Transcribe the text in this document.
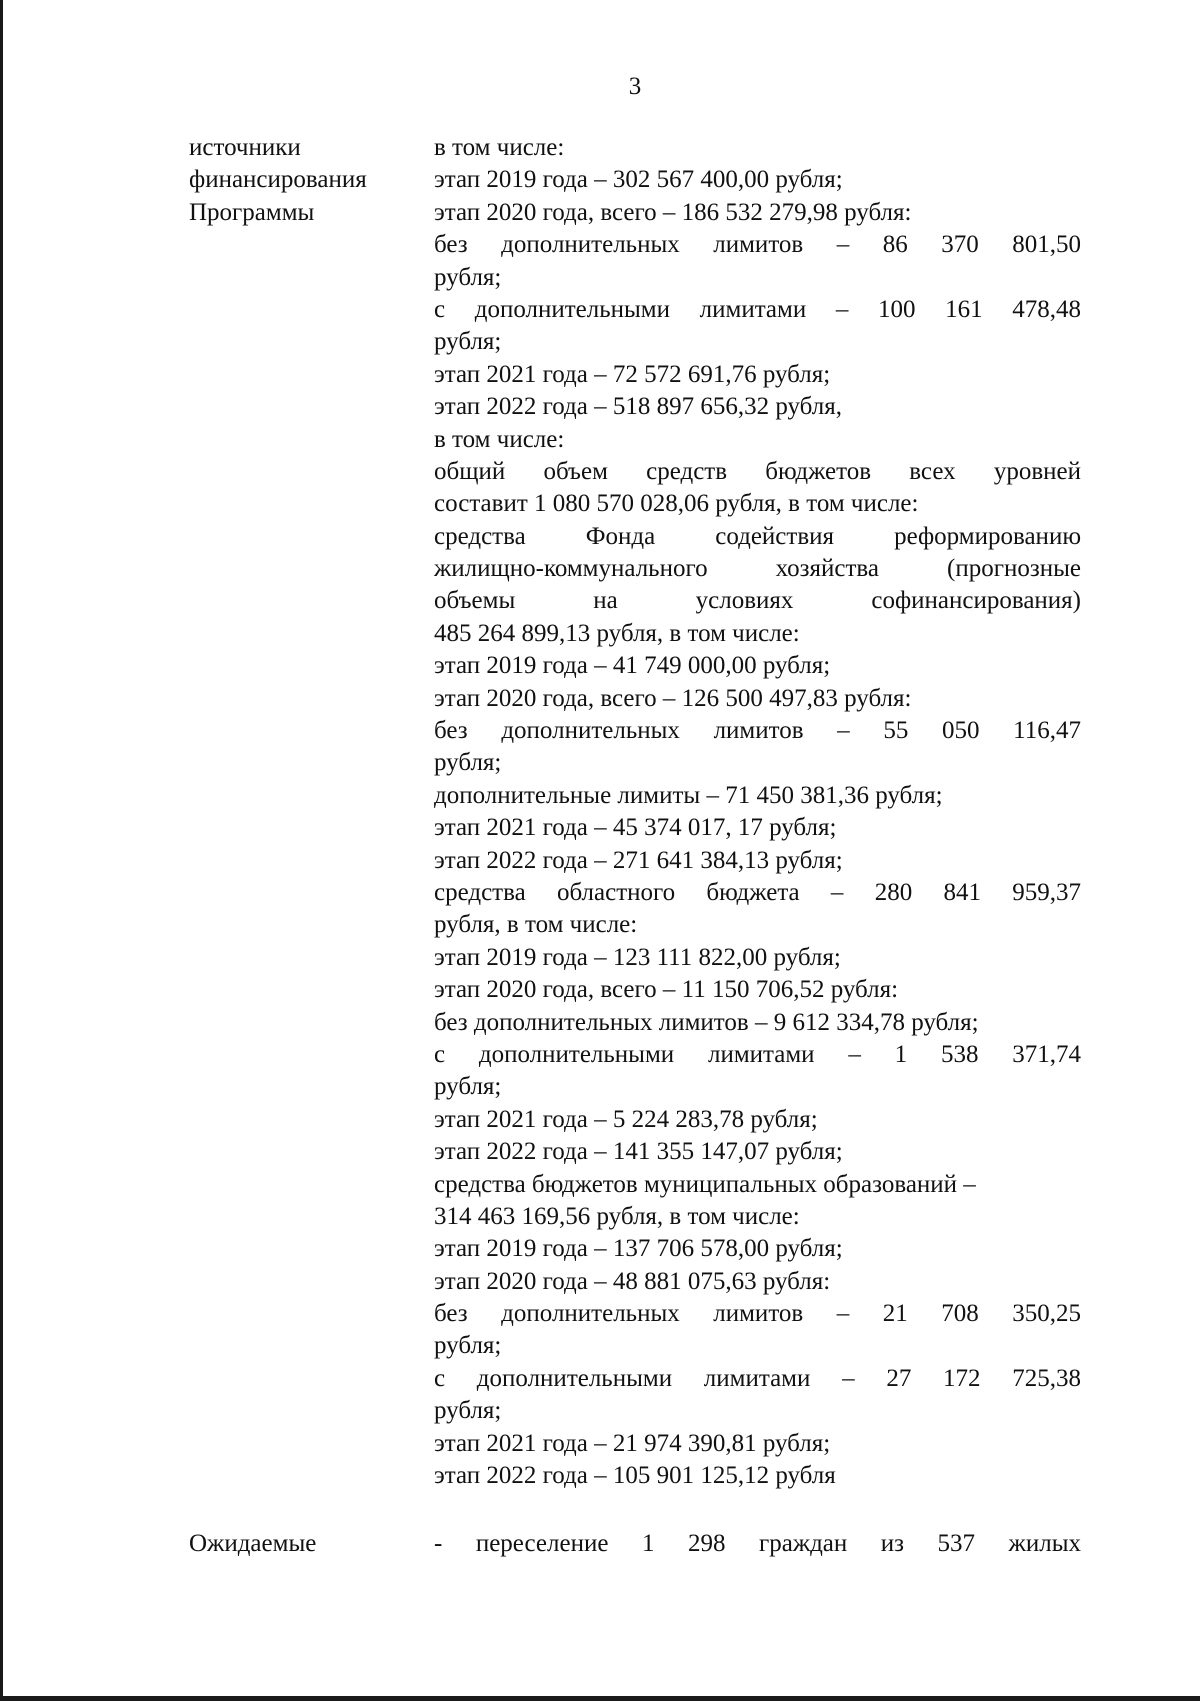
3
источники
финансирования
Программы
в том числе:
этап 2019 года – 302 567 400,00 рубля;
этап 2020 года, всего – 186 532 279,98 рубля:
без дополнительных лимитов – 86 370 801,50
рубля;
с дополнительными лимитами – 100 161 478,48
рубля;
этап 2021 года – 72 572 691,76 рубля;
этап 2022 года – 518 897 656,32 рубля,
в том числе:
общий объем средств бюджетов всех уровней
составит 1 080 570 028,06 рубля, в том числе:
средства Фонда содействия реформированию
жилищно-коммунального хозяйства (прогнозные
объемы на условиях софинансирования)
485 264 899,13 рубля, в том числе:
этап 2019 года – 41 749 000,00 рубля;
этап 2020 года, всего – 126 500 497,83 рубля:
без дополнительных лимитов – 55 050 116,47
рубля;
дополнительные лимиты – 71 450 381,36 рубля;
этап 2021 года – 45 374 017, 17 рубля;
этап 2022 года – 271 641 384,13 рубля;
средства областного бюджета – 280 841 959,37
рубля, в том числе:
этап 2019 года – 123 111 822,00 рубля;
этап 2020 года, всего – 11 150 706,52 рубля:
без дополнительных лимитов – 9 612 334,78 рубля;
с дополнительными лимитами – 1 538 371,74
рубля;
этап 2021 года – 5 224 283,78 рубля;
этап 2022 года – 141 355 147,07 рубля;
средства бюджетов муниципальных образований –
314 463 169,56 рубля, в том числе:
этап 2019 года – 137 706 578,00 рубля;
этап 2020 года – 48 881 075,63 рубля:
без дополнительных лимитов – 21 708 350,25
рубля;
с дополнительными лимитами – 27 172 725,38
рубля;
этап 2021 года – 21 974 390,81 рубля;
этап 2022 года – 105 901 125,12 рубля
Ожидаемые	- переселение 1 298 граждан из 537 жилых
